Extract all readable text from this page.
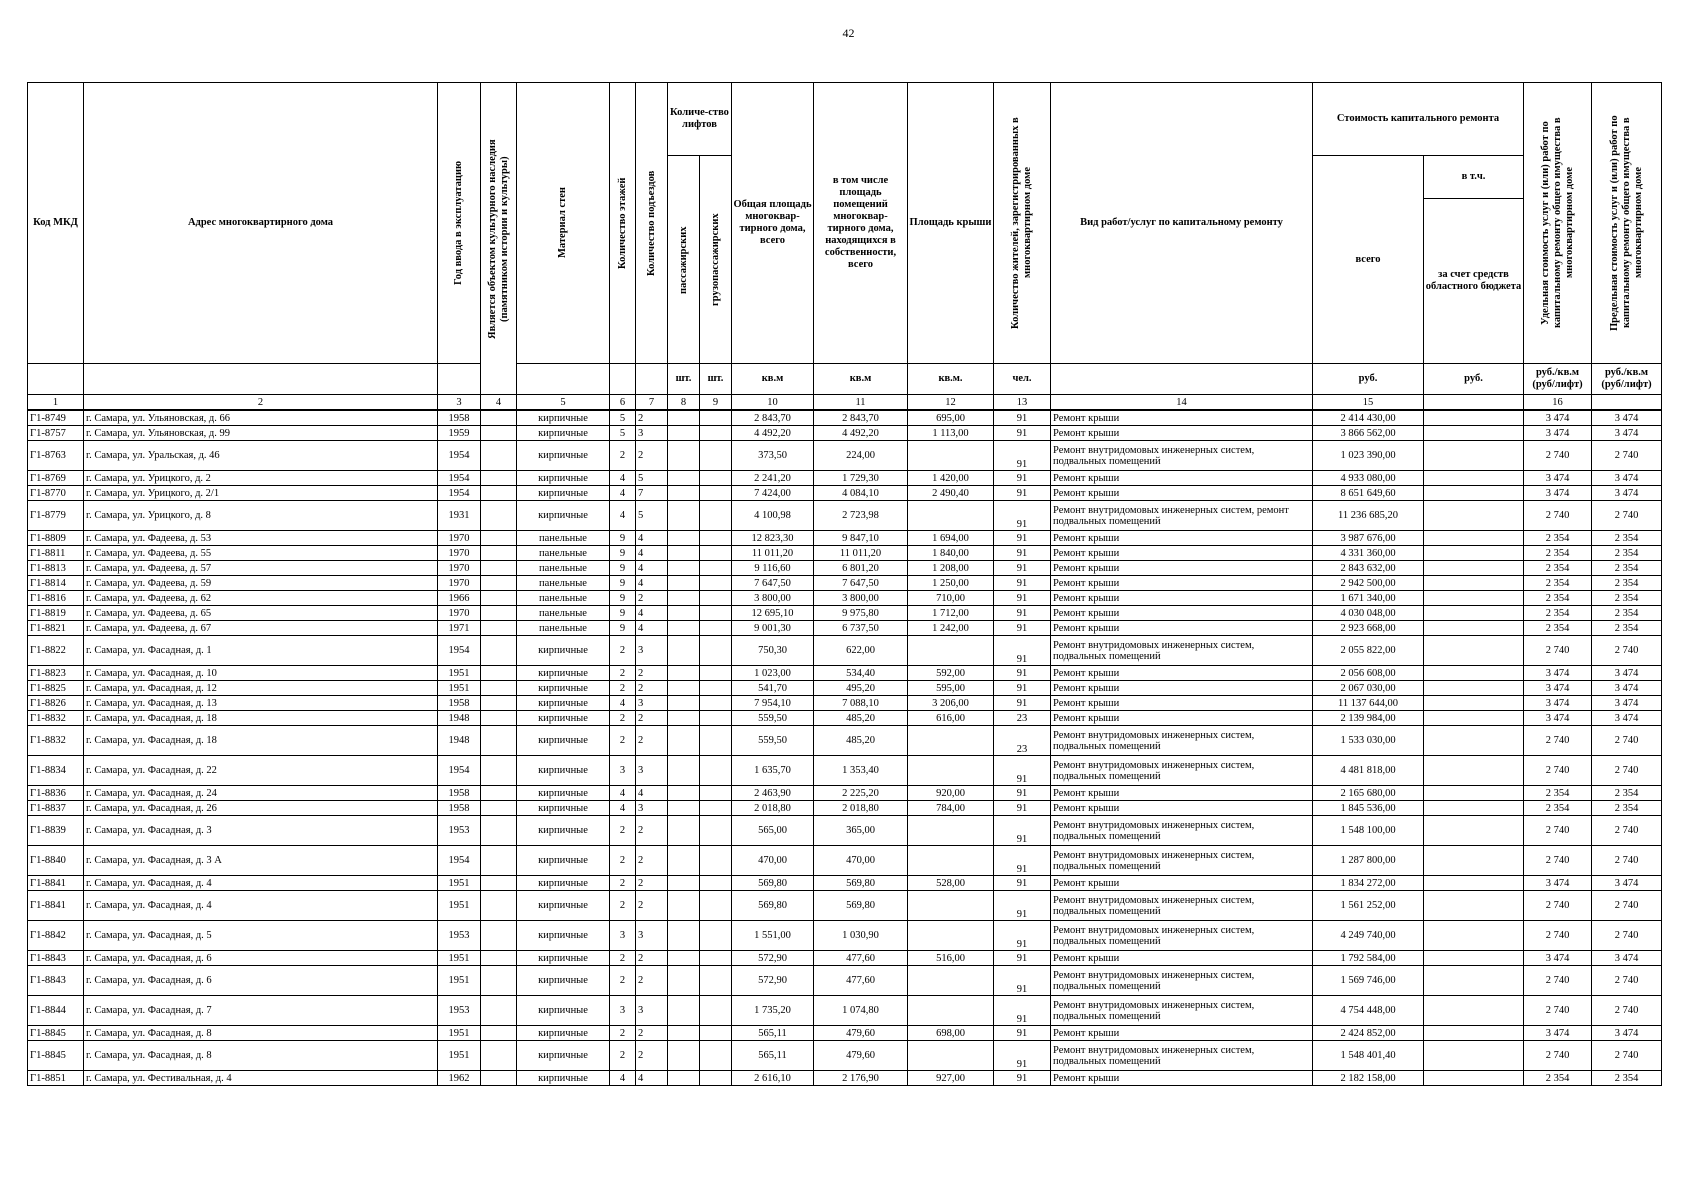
42
Код МКД	Адрес многоквартирного дома	Год ввода в эксплуатацию	Является объектом культурного наследия (памятником истории и культуры)	Материал стен	Количество этажей	Количество подъездов	Количе-ство лифтов		Общая площадь многоквар-тирного дома, всего	в том числе площадь помещений многоквар-тирного дома, находящихся в собственности, всего	Площадь крыши	Количество жителей, зарегистрированных в многоквартирном доме	Вид работ/услуг по капитальному ремонту	Стоимость капитального ремонта		Удельная стоимость услуг и (или) работ по капитальному ремонту общего имущества в многоквартирном доме	Предельная стоимость услуг и (или) работ по капитальному ремонту общего имущества в многоквартирном доме

							пассажирских	грузопассажирских						всего	в т.ч.		
															за счет средств областного бюджета		
							шт.	шт.	кв.м	кв.м	кв.м.	чел.		руб.	руб.	руб./кв.м (руб/лифт)	руб./кв.м (руб/лифт)
1	2	3	4	5	6	7	8	9	10	11	12	13	14	15		16	
Г1-8749	г. Самара, ул. Ульяновская, д. 66	1958		кирпичные	5	2			2 843,70	2 843,70	695,00	91	Ремонт крыши	2 414 430,00		3 474	3 474
Г1-8757	г. Самара, ул. Ульяновская, д. 99	1959		кирпичные	5	3			4 492,20	4 492,20	1 113,00	91	Ремонт крыши	3 866 562,00		3 474	3 474
Г1-8763	г. Самара, ул. Уральская, д. 46	1954		кирпичные	2	2			373,50	224,00		91	Ремонт внутридомовых инженерных систем, подвальных помещений	1 023 390,00		2 740	2 740
Г1-8769	г. Самара, ул. Урицкого, д. 2	1954		кирпичные	4	5			2 241,20	1 729,30	1 420,00	91	Ремонт крыши	4 933 080,00		3 474	3 474
Г1-8770	г. Самара, ул. Урицкого, д. 2/1	1954		кирпичные	4	7			7 424,00	4 084,10	2 490,40	91	Ремонт крыши	8 651 649,60		3 474	3 474
Г1-8779	г. Самара, ул. Урицкого, д. 8	1931		кирпичные	4	5			4 100,98	2 723,98		91	Ремонт внутридомовых инженерных систем, ремонт подвальных помещений	11 236 685,20		2 740	2 740
Г1-8809	г. Самара, ул. Фадеева, д. 53	1970		панельные	9	4			12 823,30	9 847,10	1 694,00	91	Ремонт крыши	3 987 676,00		2 354	2 354
Г1-8811	г. Самара, ул. Фадеева, д. 55	1970		панельные	9	4			11 011,20	11 011,20	1 840,00	91	Ремонт крыши	4 331 360,00		2 354	2 354
Г1-8813	г. Самара, ул. Фадеева, д. 57	1970		панельные	9	4			9 116,60	6 801,20	1 208,00	91	Ремонт крыши	2 843 632,00		2 354	2 354
Г1-8814	г. Самара, ул. Фадеева, д. 59	1970		панельные	9	4			7 647,50	7 647,50	1 250,00	91	Ремонт крыши	2 942 500,00		2 354	2 354
Г1-8816	г. Самара, ул. Фадеева, д. 62	1966		панельные	9	2			3 800,00	3 800,00	710,00	91	Ремонт крыши	1 671 340,00		2 354	2 354
Г1-8819	г. Самара, ул. Фадеева, д. 65	1970		панельные	9	4			12 695,10	9 975,80	1 712,00	91	Ремонт крыши	4 030 048,00		2 354	2 354
Г1-8821	г. Самара, ул. Фадеева, д. 67	1971		панельные	9	4			9 001,30	6 737,50	1 242,00	91	Ремонт крыши	2 923 668,00		2 354	2 354
Г1-8822	г. Самара, ул. Фасадная, д. 1	1954		кирпичные	2	3			750,30	622,00		91	Ремонт внутридомовых инженерных систем, подвальных помещений	2 055 822,00		2 740	2 740
Г1-8823	г. Самара, ул. Фасадная, д. 10	1951		кирпичные	2	2			1 023,00	534,40	592,00	91	Ремонт крыши	2 056 608,00		3 474	3 474
Г1-8825	г. Самара, ул. Фасадная, д. 12	1951		кирпичные	2	2			541,70	495,20	595,00	91	Ремонт крыши	2 067 030,00		3 474	3 474
Г1-8826	г. Самара, ул. Фасадная, д. 13	1958		кирпичные	4	3			7 954,10	7 088,10	3 206,00	91	Ремонт крыши	11 137 644,00		3 474	3 474
Г1-8832	г. Самара, ул. Фасадная, д. 18	1948		кирпичные	2	2			559,50	485,20	616,00	23	Ремонт крыши	2 139 984,00		3 474	3 474
Г1-8832	г. Самара, ул. Фасадная, д. 18	1948		кирпичные	2	2			559,50	485,20		23	Ремонт внутридомовых инженерных систем, подвальных помещений	1 533 030,00		2 740	2 740
Г1-8834	г. Самара, ул. Фасадная, д. 22	1954		кирпичные	3	3			1 635,70	1 353,40		91	Ремонт внутридомовых инженерных систем, подвальных помещений	4 481 818,00		2 740	2 740
Г1-8836	г. Самара, ул. Фасадная, д. 24	1958		кирпичные	4	4			2 463,90	2 225,20	920,00	91	Ремонт крыши	2 165 680,00		2 354	2 354
Г1-8837	г. Самара, ул. Фасадная, д. 26	1958		кирпичные	4	3			2 018,80	2 018,80	784,00	91	Ремонт крыши	1 845 536,00		2 354	2 354
Г1-8839	г. Самара, ул. Фасадная, д. 3	1953		кирпичные	2	2			565,00	365,00		91	Ремонт внутридомовых инженерных систем, подвальных помещений	1 548 100,00		2 740	2 740
Г1-8840	г. Самара, ул. Фасадная, д. 3 А	1954		кирпичные	2	2			470,00	470,00		91	Ремонт внутридомовых инженерных систем, подвальных помещений	1 287 800,00		2 740	2 740
Г1-8841	г. Самара, ул. Фасадная, д. 4	1951		кирпичные	2	2			569,80	569,80	528,00	91	Ремонт крыши	1 834 272,00		3 474	3 474
Г1-8841	г. Самара, ул. Фасадная, д. 4	1951		кирпичные	2	2			569,80	569,80		91	Ремонт внутридомовых инженерных систем, подвальных помещений	1 561 252,00		2 740	2 740
Г1-8842	г. Самара, ул. Фасадная, д. 5	1953		кирпичные	3	3			1 551,00	1 030,90		91	Ремонт внутридомовых инженерных систем, подвальных помещений	4 249 740,00		2 740	2 740
Г1-8843	г. Самара, ул. Фасадная, д. 6	1951		кирпичные	2	2			572,90	477,60	516,00	91	Ремонт крыши	1 792 584,00		3 474	3 474
Г1-8843	г. Самара, ул. Фасадная, д. 6	1951		кирпичные	2	2			572,90	477,60		91	Ремонт внутридомовых инженерных систем, подвальных помещений	1 569 746,00		2 740	2 740
Г1-8844	г. Самара, ул. Фасадная, д. 7	1953		кирпичные	3	3			1 735,20	1 074,80		91	Ремонт внутридомовых инженерных систем, подвальных помещений	4 754 448,00		2 740	2 740
Г1-8845	г. Самара, ул. Фасадная, д. 8	1951		кирпичные	2	2			565,11	479,60	698,00	91	Ремонт крыши	2 424 852,00		3 474	3 474
Г1-8845	г. Самара, ул. Фасадная, д. 8	1951		кирпичные	2	2			565,11	479,60		91	Ремонт внутридомовых инженерных систем, подвальных помещений	1 548 401,40		2 740	2 740
Г1-8851	г. Самара, ул. Фестивальная, д. 4	1962		кирпичные	4	4			2 616,10	2 176,90	927,00	91	Ремонт крыши	2 182 158,00		2 354	2 354
